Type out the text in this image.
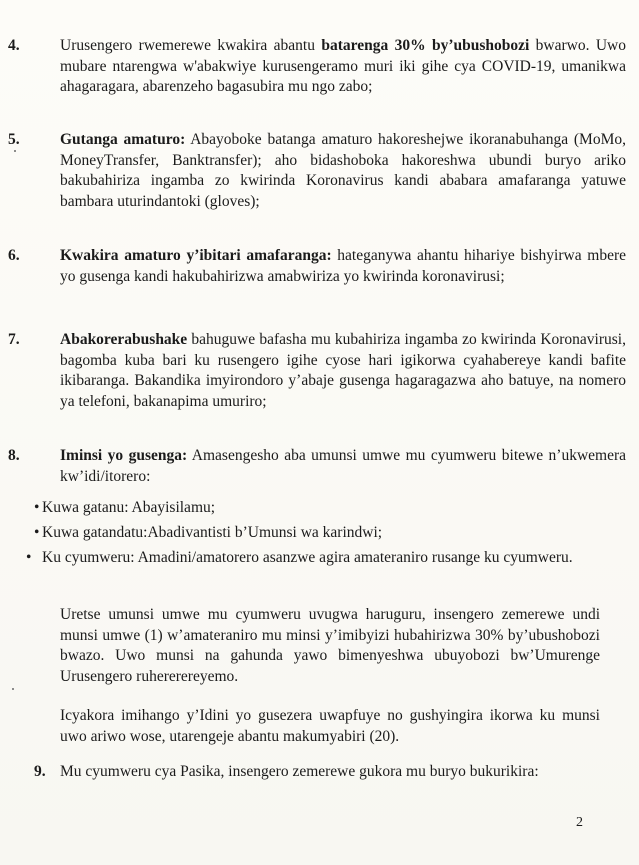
4.	Urusengero rwemerewe kwakira abantu batarenga 30% by’ubushobozi bwarwo. Uwo mubare ntarengwa w'abakwiye kurusengeramo muri iki gihe cya COVID-19, umanikwa ahagaragara, abarenzeho bagasubira mu ngo zabo;
5.	Gutanga amaturo: Abayoboke batanga amaturo hakoreshejwe ikoranabuhanga (MoMo, MoneyTransfer, Banktransfer); aho bidashoboka hakoreshwa ubundi buryo ariko bakubahiriza ingamba zo kwirinda Koronavirus kandi ababara amafaranga yatuwe bambara uturindantoki (gloves);
6.	Kwakira amaturo y’ibitari amafaranga: hateganywa ahantu hihariye bishyirwa mbere yo gusenga kandi hakubahirizwa amabwiriza yo kwirinda koronavirusi;
7.	Abakorerabushake bahuguwe bafasha mu kubahiriza ingamba zo kwirinda Koronavirusi, bagomba kuba bari ku rusengero igihe cyose hari igikorwa cyahabereye kandi bafite ikibaranga. Bakandika imyirondoro y’abaje gusenga hagaragazwa aho batuye, na nomero ya telefoni, bakanapima umuriro;
8.	Iminsi yo gusenga: Amasengesho aba umunsi umwe mu cyumweru bitewe n’ukwemera kw’idi/itorero:
• Kuwa gatanu: Abayisilamu;
• Kuwa gatandatu:Abadivantisti b’Umunsi wa karindwi;
• Ku cyumweru: Amadini/amatorero asanzwe agira amateraniro rusange ku cyumweru.
Uretse umunsi umwe mu cyumweru uvugwa haruguru, insengero zemerewe undi munsi umwe (1) w’amateraniro mu minsi y’imibyizi hubahirizwa 30% by’ubushobozi bwazo. Uwo munsi na gahunda yawo bimenyeshwa ubuyobozi bw’Umurenge Urusengero ruhererereyemo.
Icyakora imihango y’Idini yo gusezera uwapfuye no gushyingira ikorwa ku munsi uwo ariwo wose, utarengeje abantu makumyabiri (20).
9. Mu cyumweru cya Pasika, insengero zemerewe gukora mu buryo bukurikira:
2
